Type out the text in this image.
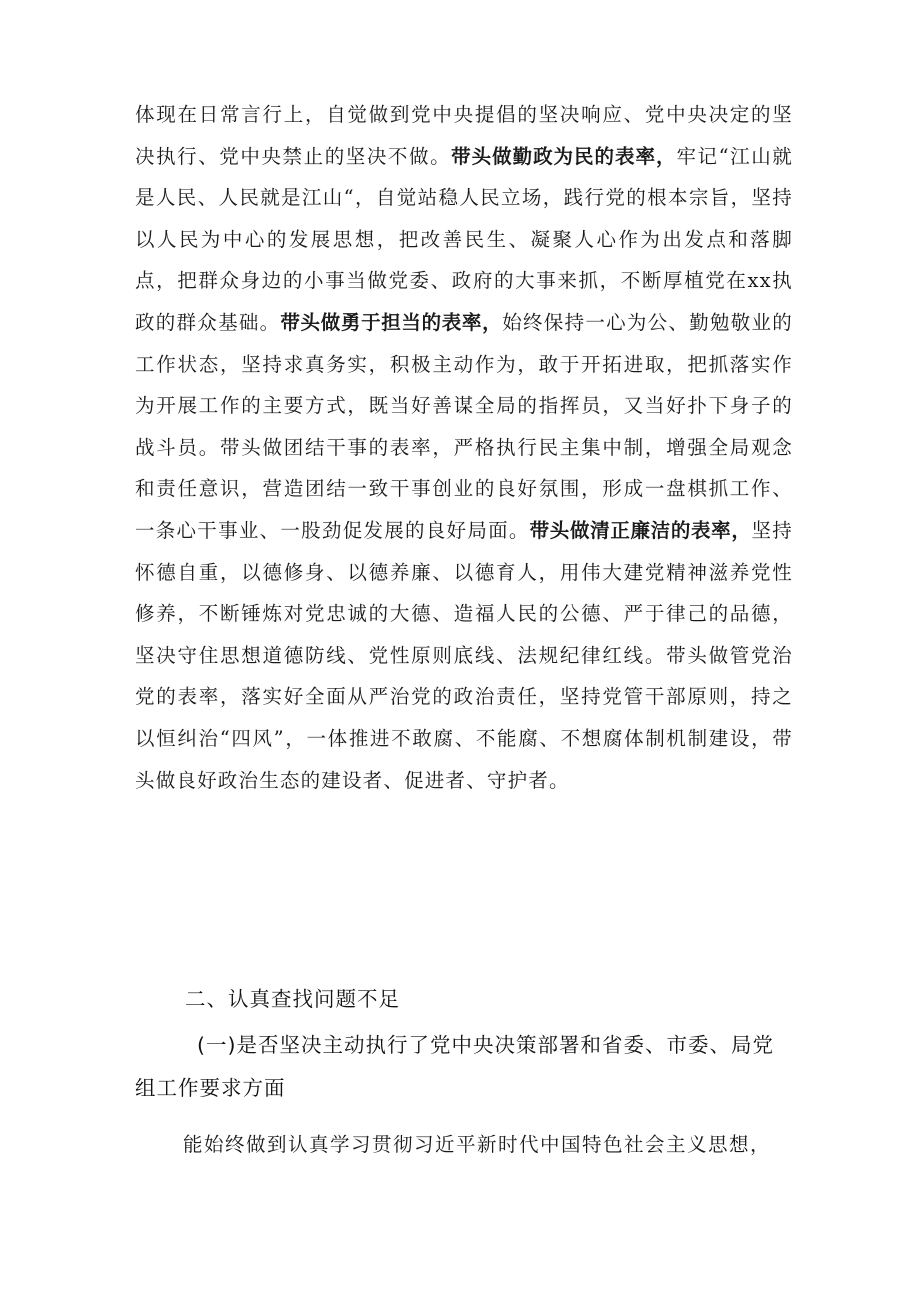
体现在日常言行上，自觉做到党中央提倡的坚决响应、党中央决定的坚决执行、党中央禁止的坚决不做。带头做勤政为民的表率，牢记“江山就是人民、人民就是江山“，自觉站稳人民立场，践行党的根本宗旨，坚持以人民为中心的发展思想，把改善民生、凝聚人心作为出发点和落脚点，把群众身边的小事当做党委、政府的大事来抓，不断厚植党在xx执政的群众基础。带头做勇于担当的表率，始终保持一心为公、勤勉敬业的工作状态，坚持求真务实，积极主动作为，敢于开拓进取，把抓落实作为开展工作的主要方式，既当好善谋全局的指挥员，又当好扑下身子的战斗员。带头做团结干事的表率，严格执行民主集中制，增强全局观念和责任意识，营造团结一致干事创业的良好氛围，形成一盘棋抓工作、一条心干事业、一股劲促发展的良好局面。带头做清正廉洁的表率，坚持怀德自重，以德修身、以德养廉、以德育人，用伟大建党精神滋养党性修养，不断锤炼对党忠诚的大德、造福人民的公德、严于律己的品德，坚决守住思想道德防线、党性原则底线、法规纪律红线。带头做管党治党的表率，落实好全面从严治党的政治责任，坚持党管干部原则，持之以恒纠治“四风”，一体推进不敢腐、不能腐、不想腐体制机制建设，带头做良好政治生态的建设者、促进者、守护者。

二、认真查找问题不足

(一)是否坚决主动执行了党中央决策部署和省委、市委、局党组工作要求方面

能始终做到认真学习贯彻习近平新时代中国特色社会主义思想，
